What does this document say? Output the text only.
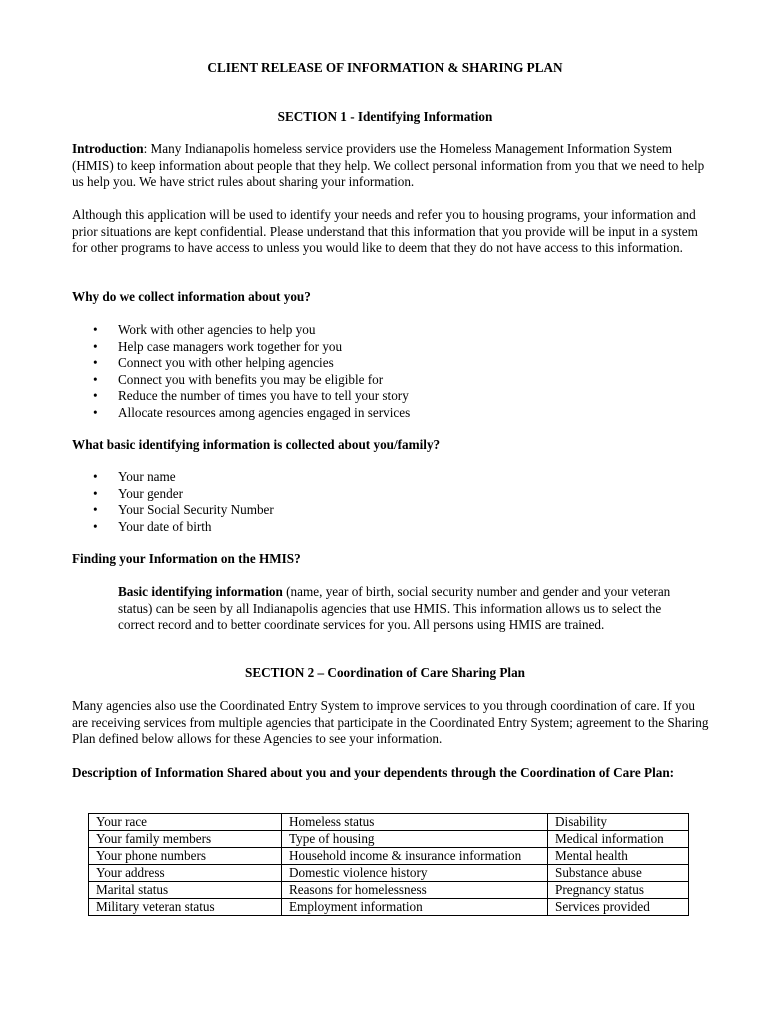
CLIENT RELEASE OF INFORMATION & SHARING PLAN
SECTION 1 - Identifying Information
Introduction: Many Indianapolis homeless service providers use the Homeless Management Information System (HMIS) to keep information about people that they help. We collect personal information from you that we need to help us help you. We have strict rules about sharing your information.
Although this application will be used to identify your needs and refer you to housing programs, your information and prior situations are kept confidential. Please understand that this information that you provide will be input in a system for other programs to have access to unless you would like to deem that they do not have access to this information.
Why do we collect information about you?
•	Work with other agencies to help you
•	Help case managers work together for you
•	Connect you with other helping agencies
•	Connect you with benefits you may be eligible for
•	Reduce the number of times you have to tell your story
•	Allocate resources among agencies engaged in services
What basic identifying information is collected about you/family?
•	Your name
•	Your gender
•	Your Social Security Number
•	Your date of birth
Finding your Information on the HMIS?
Basic identifying information (name, year of birth, social security number and gender and your veteran status) can be seen by all Indianapolis agencies that use HMIS. This information allows us to select the correct record and to better coordinate services for you. All persons using HMIS are trained.
SECTION 2 – Coordination of Care Sharing Plan
Many agencies also use the Coordinated Entry System to improve services to you through coordination of care. If you are receiving services from multiple agencies that participate in the Coordinated Entry System; agreement to the Sharing Plan defined below allows for these Agencies to see your information.
Description of Information Shared about you and your dependents through the Coordination of Care Plan:
Your race	Homeless status	Disability
Your family members	Type of housing	Medical information
Your phone numbers	Household income & insurance information	Mental health
Your address	Domestic violence history	Substance abuse
Marital status	Reasons for homelessness	Pregnancy status
Military veteran status	Employment information	Services provided
